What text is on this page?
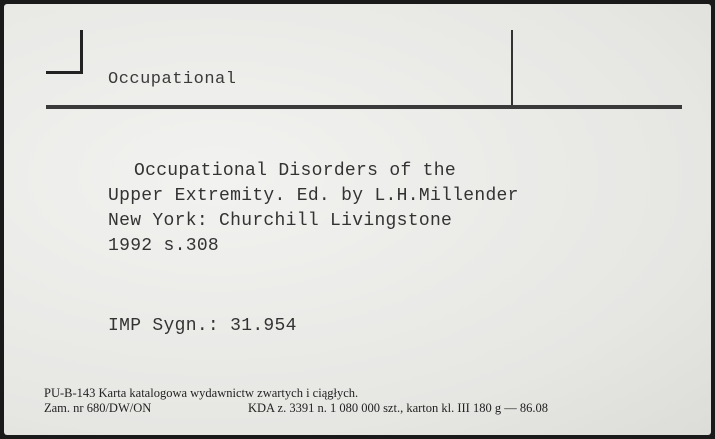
Occupational
Occupational Disorders of the
Upper Extremity. Ed. by L.H.Millender
New York: Churchill Livingstone
1992 s.308
IMP Sygn.: 31.954
PU-B-143 Karta katalogowa wydawnictw zwartych i ciągłych.
Zam. nr 680/DW/ON	KDA z. 3391 n. 1 080 000 szt., karton kl. III 180 g — 86.08
